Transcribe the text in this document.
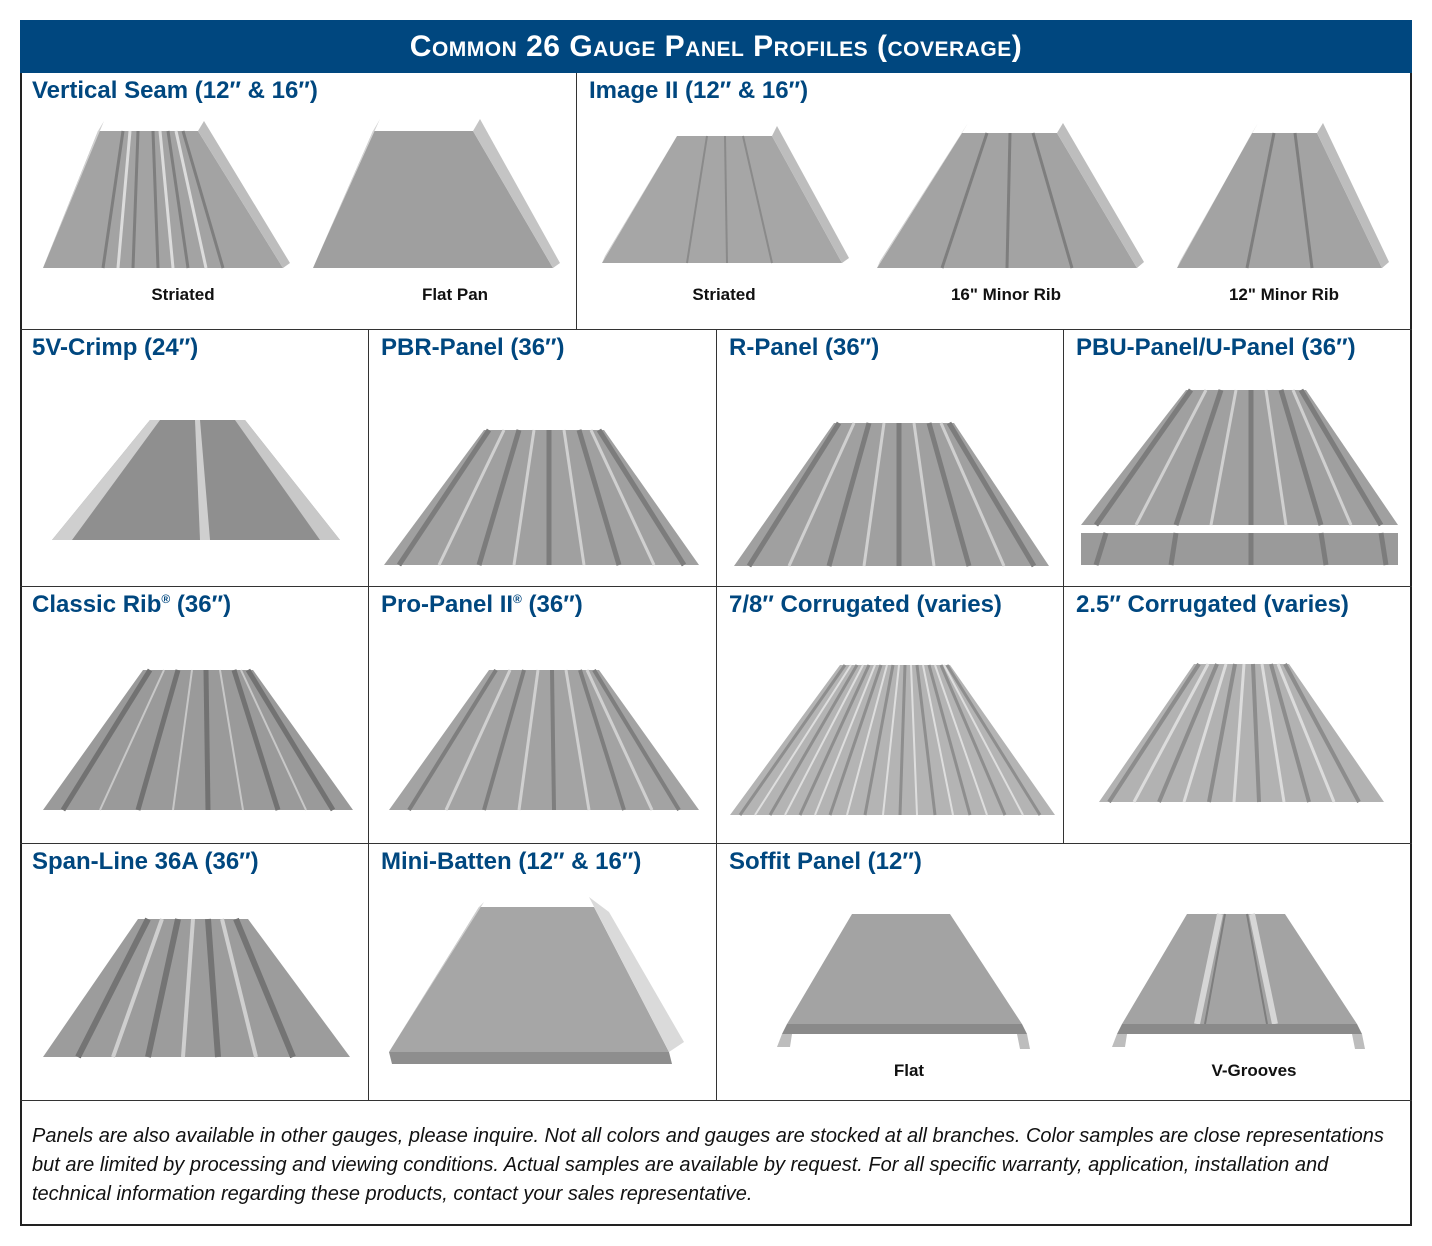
Common 26 Gauge Panel Profiles (coverage)
Vertical Seam (12″ & 16″)
Striated	Flat Pan
Image II (12″ & 16″)
Striated	16" Minor Rib	12" Minor Rib
5V-Crimp (24″)	PBR-Panel (36″)	R-Panel (36″)	PBU-Panel/U-Panel (36″)
Classic Rib® (36″)	Pro-Panel II® (36″)	7/8″ Corrugated (varies)	2.5″ Corrugated (varies)
Span-Line 36A (36″)	Mini-Batten (12″ & 16″)	Soffit Panel (12″)
Flat	V-Grooves
Panels are also available in other gauges, please inquire. Not all colors and gauges are stocked at all branches. Color samples are close representations but are limited by processing and viewing conditions. Actual samples are available by request. For all specific warranty, application, installation and technical information regarding these products, contact your sales representative.
